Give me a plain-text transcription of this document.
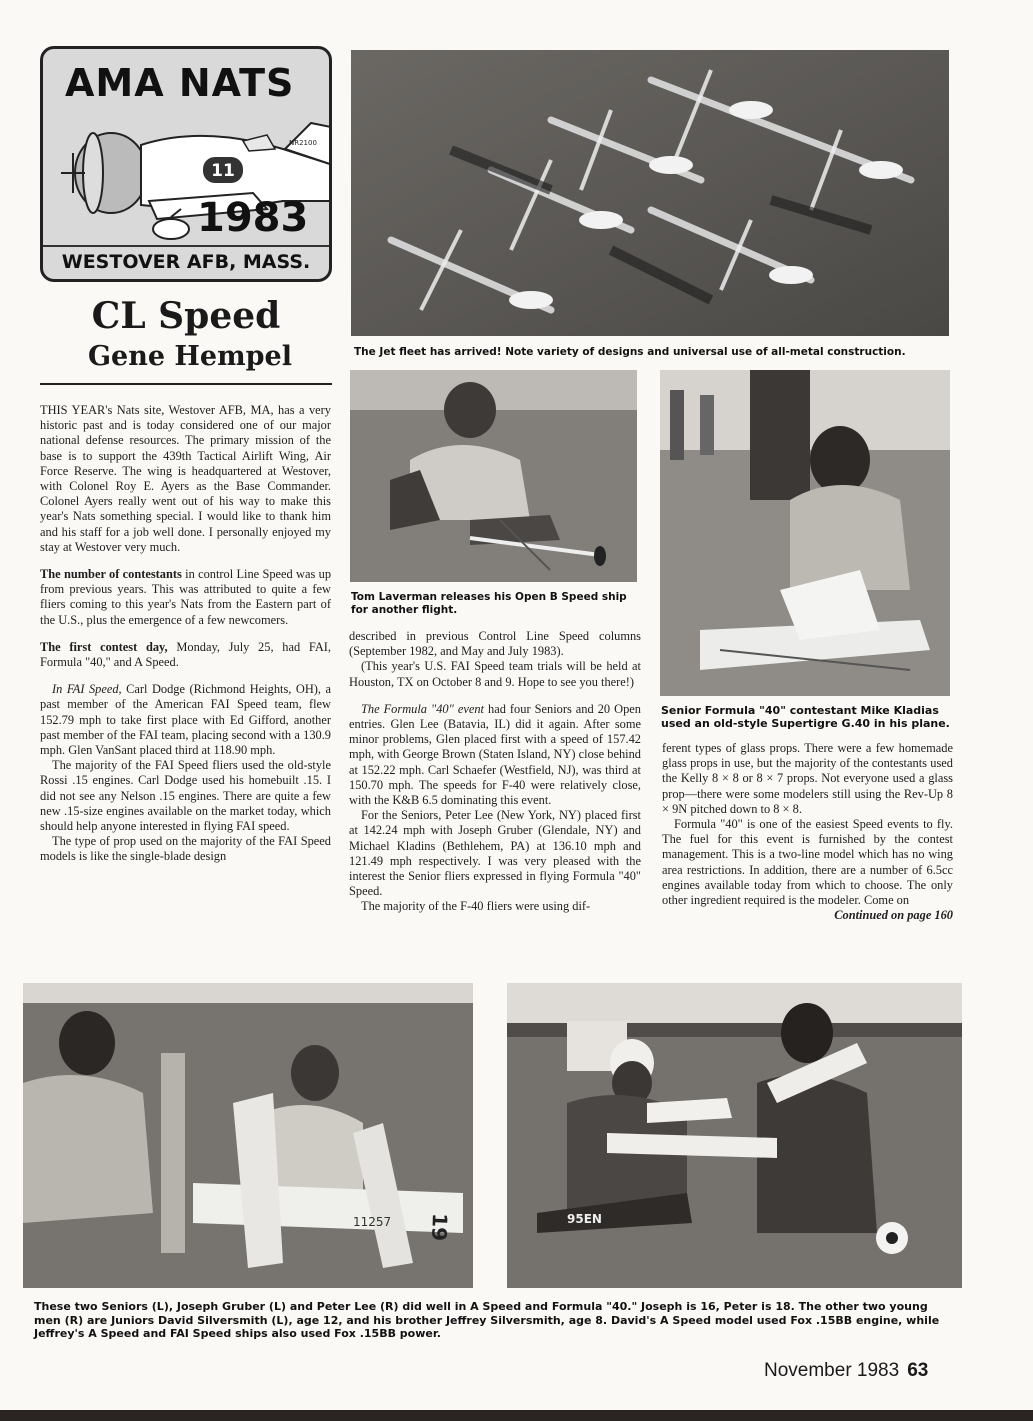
AMA NATS
11
NR2100
1983
WESTOVER AFB, MASS.
CL Speed
Gene Hempel	The Jet fleet has arrived! Note variety of designs and universal use of all-metal construction.
Tom Laverman releases his Open B Speed ship for another flight.
Senior Formula "40" contestant Mike Kladias used an old-style Supertigre G.40 in his plane.
19
11257	95EN
These two Seniors (L), Joseph Gruber (L) and Peter Lee (R) did well in A Speed and Formula "40." Joseph is 16, Peter is 18. The other two young men (R) are Juniors David Silversmith (L), age 12, and his brother Jeffrey Silversmith, age 8. David's A Speed model used Fox .15BB engine, while Jeffrey's A Speed and FAI Speed ships also used Fox .15BB power.

THIS YEAR's Nats site, Westover AFB, MA, has a very historic past and is today considered one of our major national defense resources. The primary mission of the base is to support the 439th Tactical Airlift Wing, Air Force Reserve. The wing is headquartered at Westover, with Colonel Roy E. Ayers as the Base Commander. Colonel Ayers really went out of his way to make this year's Nats something special. I would like to thank him and his staff for a job well done. I personally enjoyed my stay at Westover very much.

The number of contestants in control Line Speed was up from previous years. This was attributed to quite a few fliers coming to this year's Nats from the Eastern part of the U.S., plus the emergence of a few newcomers.

The first contest day, Monday, July 25, had FAI, Formula "40," and A Speed.

In FAI Speed, Carl Dodge (Richmond Heights, OH), a past member of the American FAI Speed team, flew 152.79 mph to take first place with Ed Gifford, another past member of the FAI team, placing second with a 130.9 mph. Glen VanSant placed third at 118.90 mph.

The majority of the FAI Speed fliers used the old-style Rossi .15 engines. Carl Dodge used his homebuilt .15. I did not see any Nelson .15 engines. There are quite a few new .15-size engines available on the market today, which should help anyone interested in flying FAI speed.

The type of prop used on the majority of the FAI Speed models is like the single-blade design

described in previous Control Line Speed columns (September 1982, and May and July 1983).

(This year's U.S. FAI Speed team trials will be held at Houston, TX on October 8 and 9. Hope to see you there!)

The Formula "40" event had four Seniors and 20 Open entries. Glen Lee (Batavia, IL) did it again. After some minor problems, Glen placed first with a speed of 157.42 mph, with George Brown (Staten Island, NY) close behind at 152.22 mph. Carl Schaefer (Westfield, NJ), was third at 150.70 mph. The speeds for F-40 were relatively close, with the K&B 6.5 dominating this event.

For the Seniors, Peter Lee (New York, NY) placed first at 142.24 mph with Joseph Gruber (Glendale, NY) and Michael Kladins (Bethlehem, PA) at 136.10 mph and 121.49 mph respectively. I was very pleased with the interest the Senior fliers expressed in flying Formula "40" Speed.

The majority of the F-40 fliers were using dif-

ferent types of glass props. There were a few homemade glass props in use, but the majority of the contestants used the Kelly 8 × 8 or 8 × 7 props. Not everyone used a glass prop—there were some modelers still using the Rev-Up 8 × 9N pitched down to 8 × 8.

Formula "40" is one of the easiest Speed events to fly. The fuel for this event is furnished by the contest management. This is a two-line model which has no wing area restrictions. In addition, there are a number of 6.5cc engines available today from which to choose. The only other ingredient required is the modeler. Come on

Continued on page 160

November 1983 63
